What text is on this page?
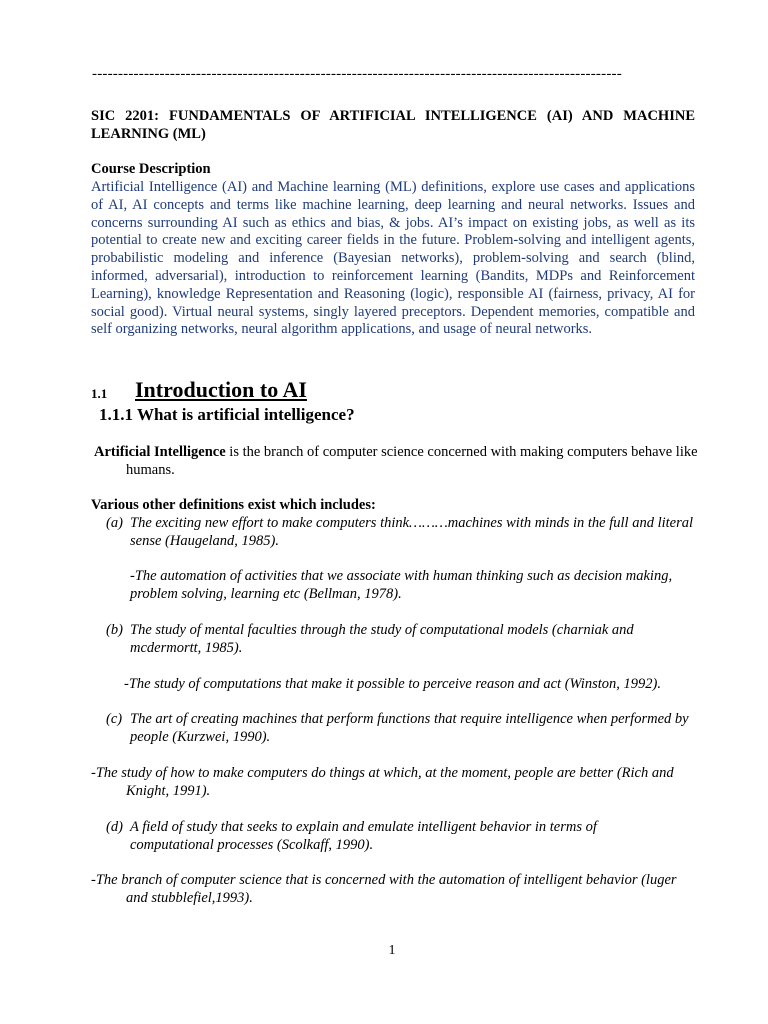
------------------------------------------------------------------------------------------------------
SIC 2201: FUNDAMENTALS OF ARTIFICIAL INTELLIGENCE (AI) AND MACHINE LEARNING (ML)
Course Description
Artificial Intelligence (AI) and Machine learning (ML) definitions, explore use cases and applications of AI, AI concepts and terms like machine learning, deep learning and neural networks. Issues and concerns surrounding AI such as ethics and bias, & jobs. AI’s impact on existing jobs, as well as its potential to create new and exciting career fields in the future. Problem-solving and intelligent agents, probabilistic modeling and inference (Bayesian networks), problem-solving and search (blind, informed, adversarial), introduction to reinforcement learning (Bandits, MDPs and Reinforcement Learning), knowledge Representation and Reasoning (logic), responsible AI (fairness, privacy, AI for social good). Virtual neural systems, singly layered preceptors. Dependent memories, compatible and self organizing networks, neural algorithm applications, and usage of neural networks.
1.1 Introduction to AI
1.1.1 What is artificial intelligence?
Artificial Intelligence is the branch of computer science concerned with making computers behave like humans.
Various other definitions exist which includes:
(a) The exciting new effort to make computers think………machines with minds in the full and literal sense (Haugeland, 1985).
-The automation of activities that we associate with human thinking such as decision making, problem solving, learning etc (Bellman, 1978).
(b) The study of mental faculties through the study of computational models (charniak and mcdermortt, 1985).
-The study of computations that make it possible to perceive reason and act (Winston, 1992).
(c) The art of creating machines that perform functions that require intelligence when performed by people (Kurzwei, 1990).
-The study of how to make computers do things at which, at the moment, people are better (Rich and Knight, 1991).
(d) A field of study that seeks to explain and emulate intelligent behavior in terms of computational processes (Scolkaff, 1990).
-The branch of computer science that is concerned with the automation of intelligent behavior (luger and stubblefiel,1993).
1
